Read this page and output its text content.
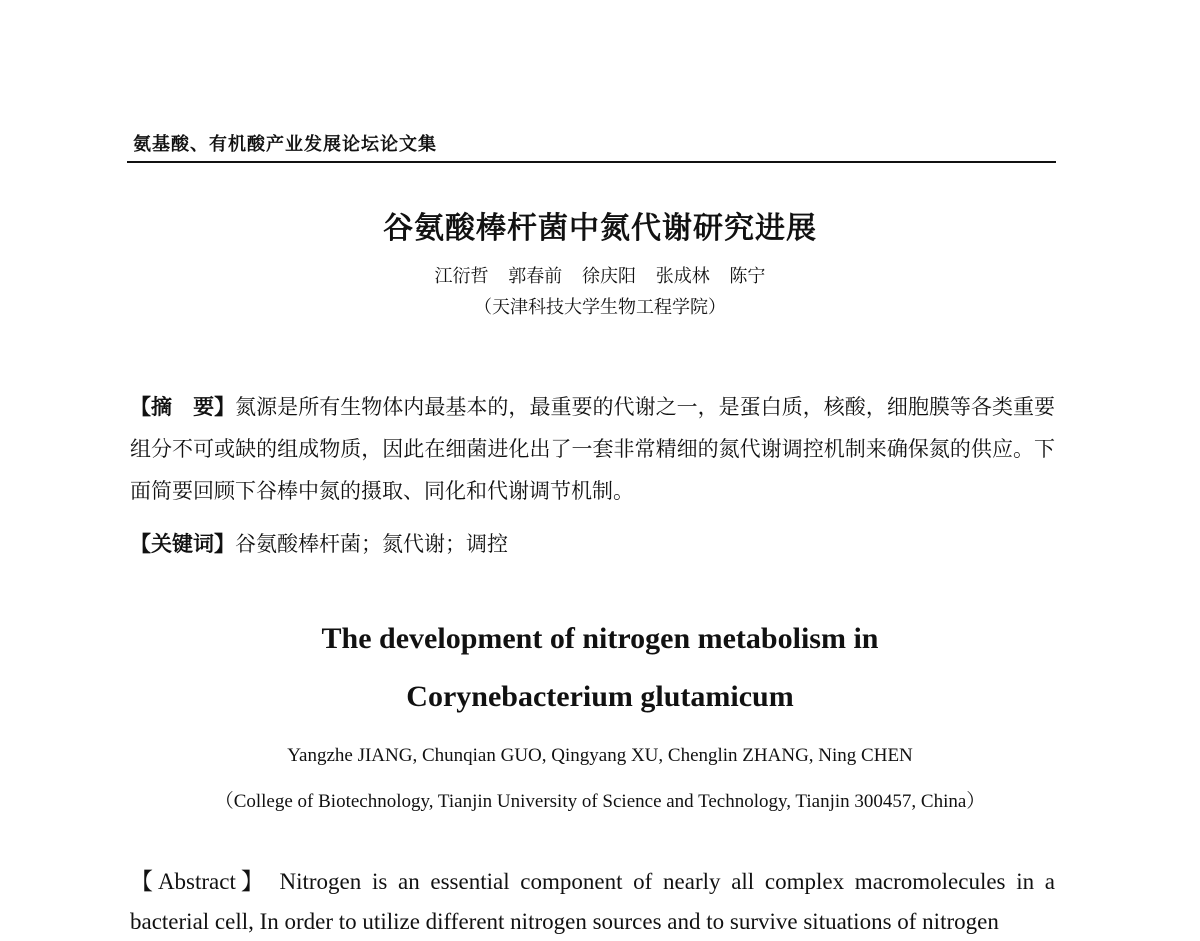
氨基酸、有机酸产业发展论坛论文集
谷氨酸棒杆菌中氮代谢研究进展
江衍哲 郭春前 徐庆阳 张成林 陈宁
（天津科技大学生物工程学院）
【摘　要】氮源是所有生物体内最基本的，最重要的代谢之一，是蛋白质，核酸，细胞膜等各类重要组分不可或缺的组成物质，因此在细菌进化出了一套非常精细的氮代谢调控机制来确保氮的供应。下面简要回顾下谷棒中氮的摄取、同化和代谢调节机制。
【关键词】谷氨酸棒杆菌；氮代谢；调控
The development of nitrogen metabolism in
Corynebacterium glutamicum
Yangzhe JIANG, Chunqian GUO, Qingyang XU, Chenglin ZHANG, Ning CHEN
（College of Biotechnology, Tianjin University of Science and Technology, Tianjin 300457, China）
【Abstract】 Nitrogen is an essential component of nearly all complex macromolecules in a bacterial cell, In order to utilize different nitrogen sources and to survive situations of nitrogen
